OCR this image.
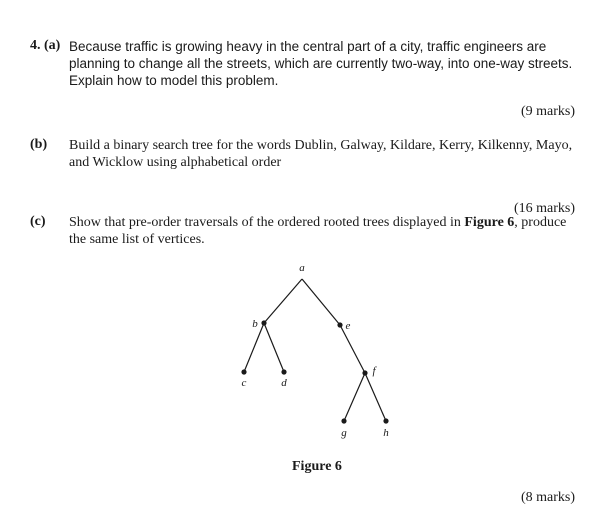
4. (a) Because traffic is growing heavy in the central part of a city, traffic engineers are planning to change all the streets, which are currently two-way, into one-way streets. Explain how to model this problem.
(9 marks)
(b) Build a binary search tree for the words Dublin, Galway, Kildare, Kerry, Kilkenny, Mayo, and Wicklow using alphabetical order
(16 marks)
(c) Show that pre-order traversals of the ordered rooted trees displayed in Figure 6, produce the same list of vertices.
a
b	e
c	d
f
g	h
Figure 6
(8 marks)
